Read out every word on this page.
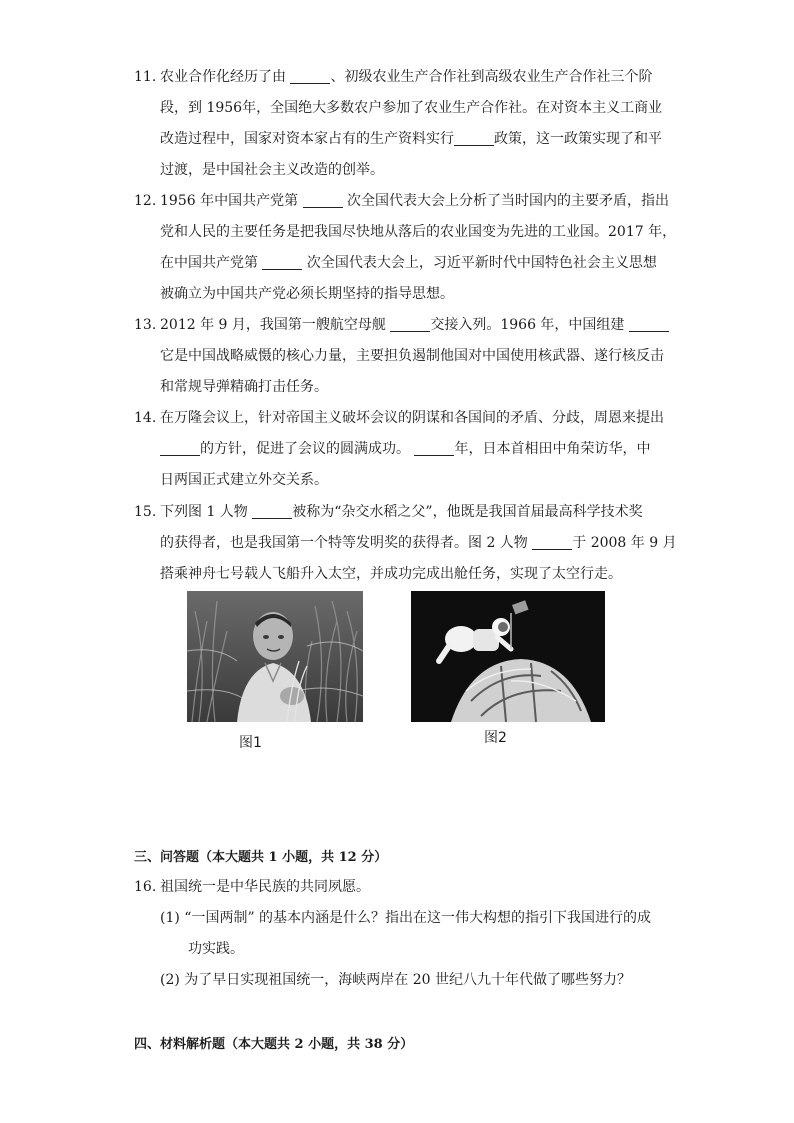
11. 农业合作化经历了由	、初级农业生产合作社到高级农业生产合作社三个阶
段，到 1956年，全国绝大多数农户参加了农业生产合作社。在对资本主义工商业
改造过程中，国家对资本家占有的生产资料实行	政策，这一政策实现了和平
过渡，是中国社会主义改造的创举。
12. 1956 年中国共产党第	次全国代表大会上分析了当时国内的主要矛盾，指出
党和人民的主要任务是把我国尽快地从落后的农业国变为先进的工业国。2017 年，
在中国共产党第	次全国代表大会上，习近平新时代中国特色社会主义思想
被确立为中国共产党必须长期坚持的指导思想。
13. 2012 年 9 月，我国第一艘航空母舰	交接入列。1966 年，中国组建
它是中国战略威慑的核心力量，主要担负遏制他国对中国使用核武器、遂行核反击
和常规导弹精确打击任务。
14. 在万隆会议上，针对帝国主义破坏会议的阴谋和各国间的矛盾、分歧，周恩来提出
的方针，促进了会议的圆满成功。	年，日本首相田中角荣访华，中
日两国正式建立外交关系。
15. 下列图 1 人物	被称为“杂交水稻之父”，他既是我国首届最高科学技术奖
的获得者，也是我国第一个特等发明奖的获得者。图 2 人物	于 2008 年 9 月
搭乘神舟七号载人飞船升入太空，并成功完成出舱任务，实现了太空行走。
图1	图2
三、问答题（本大题共 1 小题，共 12 分）
16. 祖国统一是中华民族的共同夙愿。
(1) “一国两制” 的基本内涵是什么？指出在这一伟大构想的指引下我国进行的成
功实践。
(2) 为了早日实现祖国统一，海峡两岸在 20 世纪八九十年代做了哪些努力？
四、材料解析题（本大题共 2 小题，共 38 分）
